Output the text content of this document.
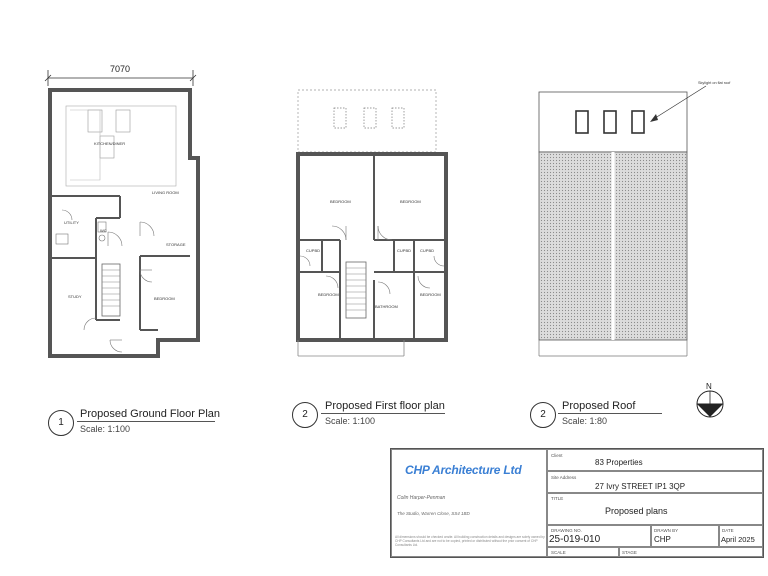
7070
KITCHEN/DINER
LIVING ROOM
UTILITY
WC
STORAGE
STUDY	BEDROOM
BEDROOM	BEDROOM
CUPBD	CUPBD CUPBD
BEDROOM
BATHROOM
BEDROOM
Skylight on flat roof
N
1
Proposed Ground Floor Plan
Scale: 1:100
2
Proposed First floor plan
Scale: 1:100
2
Proposed Roof
Scale: 1:80
CHP Architecture Ltd
Colin Harper-Penman
The Studio, Warren Close, SS4 1BD
All dimensions should be checked onsite. All building construction details and designs are solely owned by CHP Consultants Ltd and are not to be copied, printed or distributed without the prior consent of CHP Consultants Ltd.
Client
83 Properties
Site Address
27 Ivry STREET IP1 3QP
TITLE
Proposed plans
DRAWING NO.
25-019-010
DRAWN BY
CHP
DATE
April 2025
SCALE	STAGE
